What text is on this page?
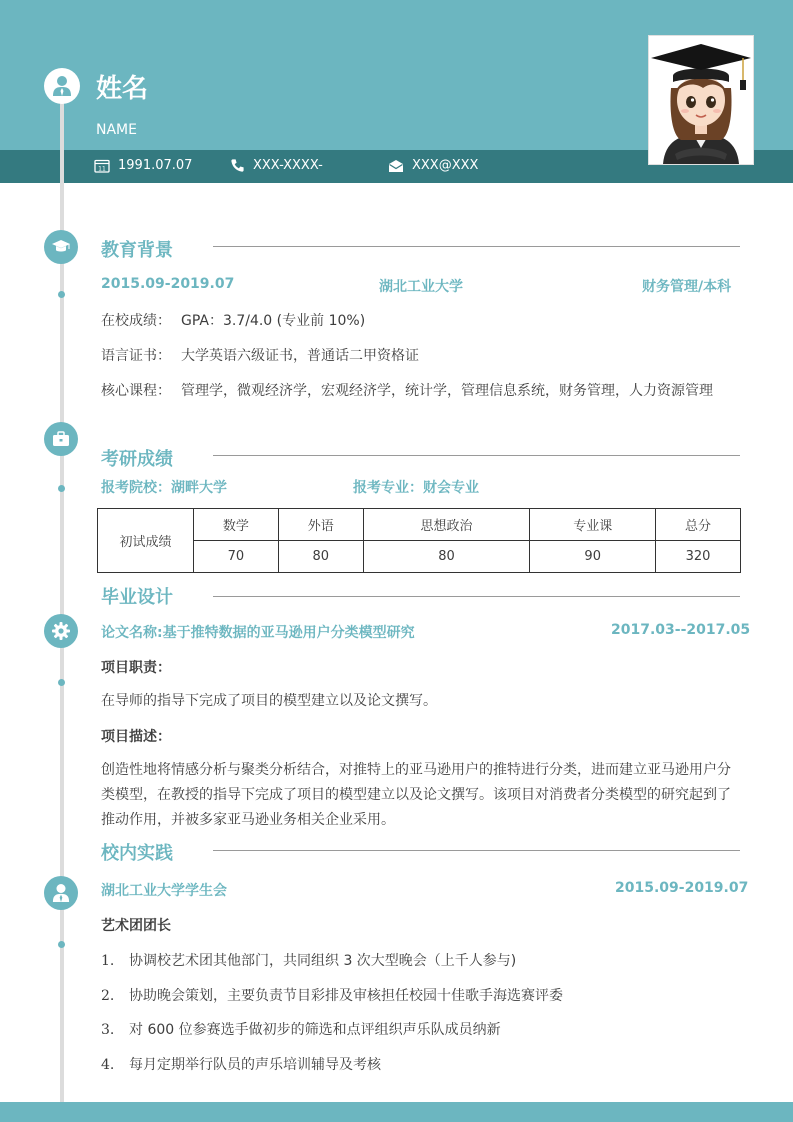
姓名
NAME
11 1991.07.07	XXX-XXXX-	XXX@XXX
教育背景
2015.09-2019.07	湖北工业大学	财务管理/本科
在校成绩： GPA：3.7/4.0 (专业前 10%)
语言证书： 大学英语六级证书，普通话二甲资格证
核心课程： 管理学，微观经济学，宏观经济学，统计学，管理信息系统，财务管理，人力资源管理
考研成绩
报考院校：湖畔大学	报考专业：财会专业
初试成绩	数学	外语	思想政治	专业课	总分
	70	80	80	90	320
毕业设计
论文名称:基于推特数据的亚马逊用户分类模型研究	2017.03--2017.05
项目职责：
在导师的指导下完成了项目的模型建立以及论文撰写。
项目描述：
创造性地将情感分析与聚类分析结合，对推特上的亚马逊用户的推特进行分类，进而建立亚马逊用户分类模型，在教授的指导下完成了项目的模型建立以及论文撰写。该项目对消费者分类模型的研究起到了推动作用，并被多家亚马逊业务相关企业采用。
校内实践
湖北工业大学学生会	2015.09-2019.07
艺术团团长
1. 协调校艺术团其他部门，共同组织 3 次大型晚会（上千人参与)
2. 协助晚会策划，主要负责节目彩排及审核担任校园十佳歌手海选赛评委
3. 对 600 位参赛选手做初步的筛选和点评组织声乐队成员纳新
4. 每月定期举行队员的声乐培训辅导及考核
